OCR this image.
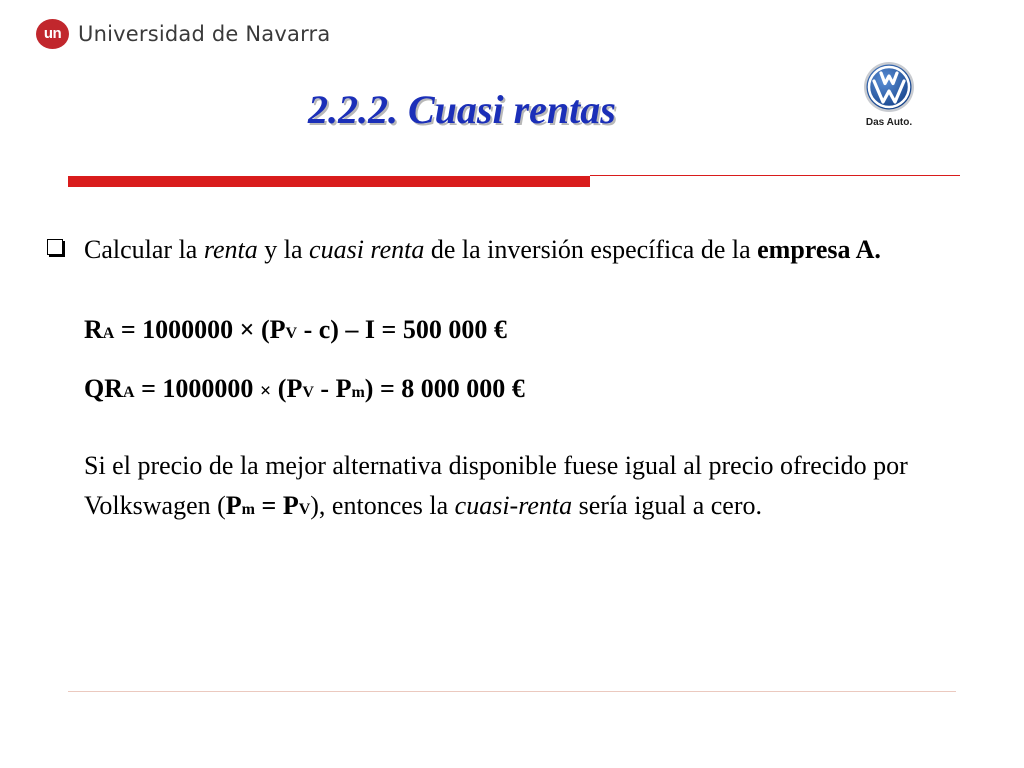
un Universidad de Navarra
2.2.2. Cuasi rentas	Das Auto.

Calcular la renta y la cuasi renta de la inversión específica de la empresa A.

RA = 1000000 × (PV - c) – I = 500 000 €

QRA = 1000000 × (PV - Pm) = 8 000 000 €

Si el precio de la mejor alternativa disponible fuese igual al precio ofrecido por Volkswagen (Pm = PV), entonces la cuasi-renta sería igual a cero.
